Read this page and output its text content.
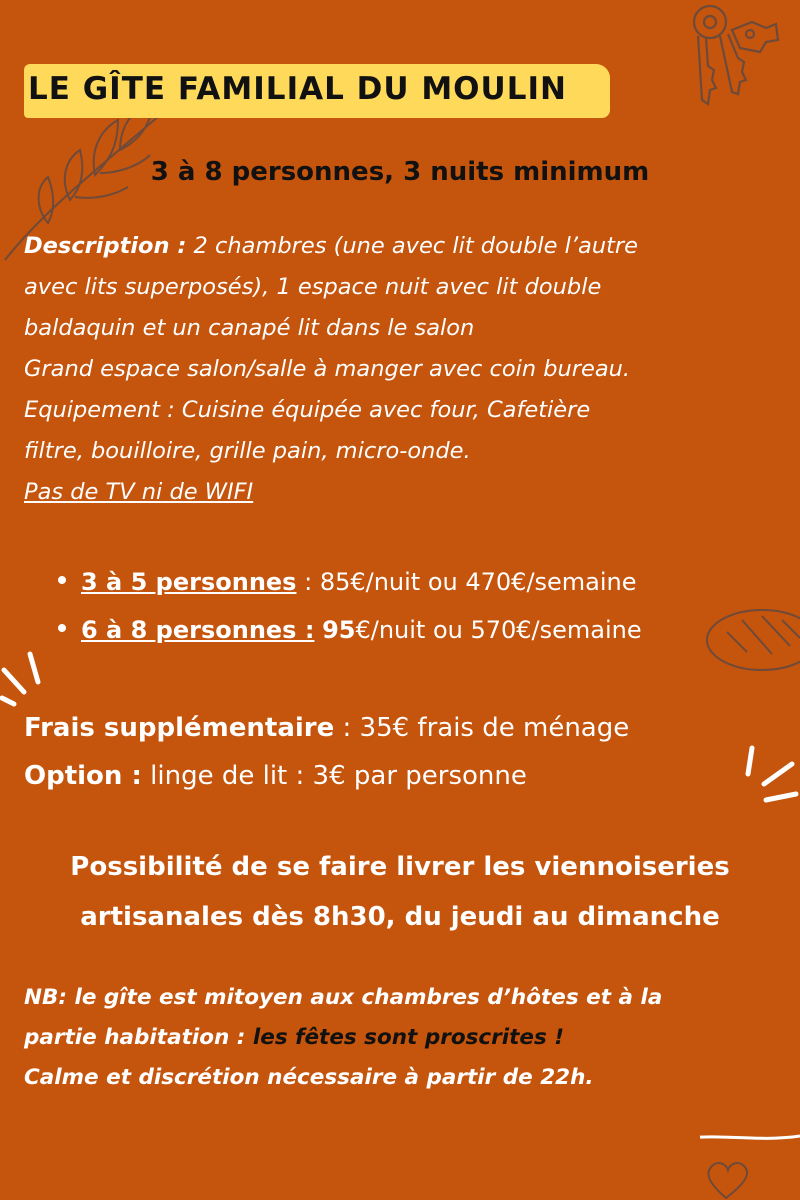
LE GÎTE FAMILIAL DU MOULIN

3 à 8 personnes, 3 nuits minimum

Description : 2 chambres (une avec lit double l’autre

avec lits superposés), 1 espace nuit avec lit double

baldaquin et un canapé lit dans le salon

Grand espace salon/salle à manger avec coin bureau.

Equipement : Cuisine équipée avec four, Cafetière

filtre, bouilloire, grille pain, micro-onde.

Pas de TV ni de WIFI

3 à 5 personnes : 85€/nuit ou 470€/semaine
6 à 8 personnes : 95€/nuit ou 570€/semaine

Frais supplémentaire : 35€ frais de ménage

Option : linge de lit : 3€ par personne

Possibilité de se faire livrer les viennoiseries

artisanales dès 8h30, du jeudi au dimanche

NB: le gîte est mitoyen aux chambres d’hôtes et à la

partie habitation : les fêtes sont proscrites !

Calme et discrétion nécessaire à partir de 22h.
